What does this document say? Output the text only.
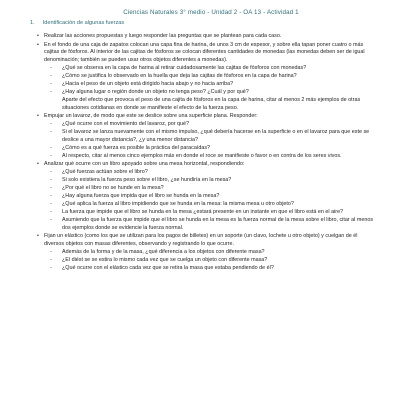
Ciencias Naturales 3° medio - Unidad 2 - OA 13 - Actividad 1
1. Identificación de algunas fuerzas
• Realizar las acciones propuestas y luego responder las preguntas que se plantean para cada caso.
• En el fondo de una caja de zapatos colocan una capa fina de harina, de unos 3 cm de espesor, y sobre ella tapan poner cuatro o más cajitas de fósforos. Al interior de las cajitas de fósforos se colocan diferentes cantidades de monedas (las monedas deben ser de igual denominación; también se pueden usar otros objetos diferentes a monedas).
- ¿Qué se observa en la capa de harina al retirar cuidadosamente las cajitas de fósforos con monedas?
- ¿Cómo se justifica lo observado en la huella que deja las cajitas de fósforos en la capa de harina?
- ¿Hacia el peso de un objeto está dirigido hacia abajo y no hacia arriba?
- ¿Hay alguna lugar o región donde un objeto no tenga peso? ¿Cuál y por qué?
Aparte del efecto que provoca el peso de una cajita de fósforos en la capa de harina, citar al menos 2 más ejemplos de otras situaciones cotidianas en donde se manifieste el efecto de la fuerza peso.
• Empujar un lavaroz, de modo que este se deslice sobre una superficie plana. Responder:
- ¿Qué ocurre con el movimiento del lavaroz, por qué?
- Si el lavaroz se lanza nuevamente con el mismo impulso, ¿qué debería hacerse en la superficie o en el lavaroz para que este se deslice a una mayor distancia?, ¿y una menor distancia?
- ¿Cómo es a qué fuerza es posible la práctica del paracaídas?
- Al respecto, citar al menos cinco ejemplos más en donde el roce se manifieste o favor o en contra de los seres vivos.
• Analizar qué ocurre con un libro apoyado sobre una mesa horizontal, respondiendo:
- ¿Qué fuerzas actúan sobre el libro?
- Si solo existiera la fuerza peso sobre el libro, ¿se hundiría en la mesa?
- ¿Por qué el libro no se hunde en la mesa?
- ¿Hay alguna fuerza que impida que el libro se hunda en la mesa?
- ¿Qué aplica la fuerza al libro impidiendo que se hunda en la mesa: la misma mesa u otro objeto?
- La fuerza que impide que el libro se hunda en la mesa ¿estará presente en un instante en que el libro está en el aire?
- Asumiendo que la fuerza que impide que el libro se hunda en la mesa es la fuerza normal de la mesa sobre el libro, citar al menos dos ejemplos donde se evidencie la fuerza normal.
• Fijan un elástico (como los que se utilizan para los pagos de billetes) en un soporte (un clavo, lochete u otro objeto) y cuelgan de él diversos objetos con masas diferentes, observando y registrando lo que ocurre.
- Además de la forma y de la masa, ¿qué diferencia a los objetos con diferente masa?
- ¿El diést se se estira lo mismo cada vez que se cuelga un objeto con diferente masa?
- ¿Qué ocurre con el elástico cada vez que se retira la masa que estaba pendiendo de él?
